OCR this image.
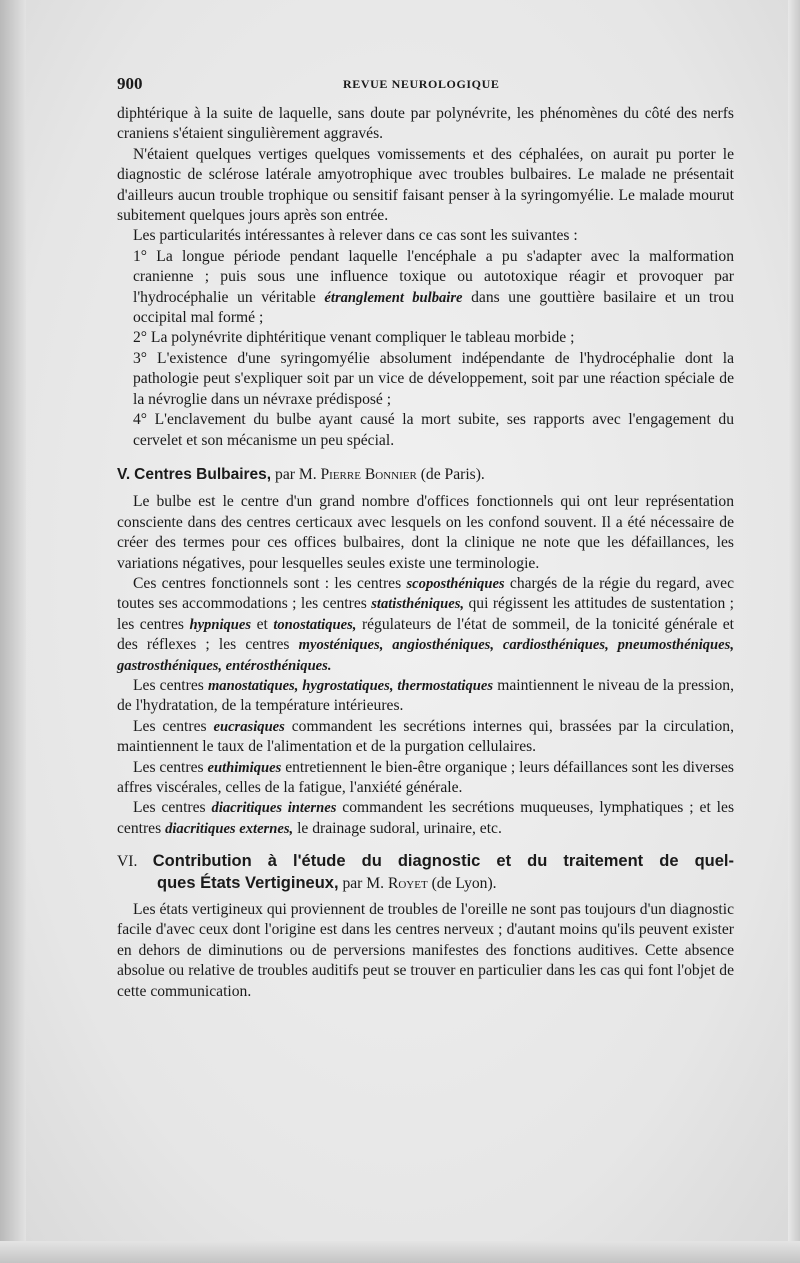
900	REVUE NEUROLOGIQUE

diphtérique à la suite de laquelle, sans doute par polynévrite, les phénomènes du côté des nerfs craniens s'étaient singulièrement aggravés.

N'étaient quelques vertiges quelques vomissements et des céphalées, on aurait pu porter le diagnostic de sclérose latérale amyotrophique avec troubles bulbaires. Le malade ne présentait d'ailleurs aucun trouble trophique ou sensitif faisant penser à la syringomyélie. Le malade mourut subitement quelques jours après son entrée.

Les particularités intéressantes à relever dans ce cas sont les suivantes :

1° La longue période pendant laquelle l'encéphale a pu s'adapter avec la malformation cranienne ; puis sous une influence toxique ou autotoxique réagir et provoquer par l'hydrocéphalie un véritable étranglement bulbaire dans une gouttière basilaire et un trou occipital mal formé ;

2° La polynévrite diphtéritique venant compliquer le tableau morbide ;

3° L'existence d'une syringomyélie absolument indépendante de l'hydrocéphalie dont la pathologie peut s'expliquer soit par un vice de développement, soit par une réaction spéciale de la névroglie dans un névraxe prédisposé ;

4° L'enclavement du bulbe ayant causé la mort subite, ses rapports avec l'engagement du cervelet et son mécanisme un peu spécial.

V. Centres Bulbaires, par M. Pierre Bonnier (de Paris).

Le bulbe est le centre d'un grand nombre d'offices fonctionnels qui ont leur représentation consciente dans des centres certicaux avec lesquels on les confond souvent. Il a été nécessaire de créer des termes pour ces offices bulbaires, dont la clinique ne note que les défaillances, les variations négatives, pour lesquelles seules existe une terminologie.

Ces centres fonctionnels sont : les centres scoposthéniques chargés de la régie du regard, avec toutes ses accommodations ; les centres statisthéniques, qui régissent les attitudes de sustentation ; les centres hypniques et tonostatiques, régulateurs de l'état de sommeil, de la tonicité générale et des réflexes ; les centres myosténiques, angiosthéniques, cardiosthéniques, pneumosthéniques, gastrosthéniques, entérosthéniques.

Les centres manostatiques, hygrostatiques, thermostatiques maintiennent le niveau de la pression, de l'hydratation, de la température intérieures.

Les centres eucrasiques commandent les secrétions internes qui, brassées par la circulation, maintiennent le taux de l'alimentation et de la purgation cellulaires.

Les centres euthimiques entretiennent le bien-être organique ; leurs défaillances sont les diverses affres viscérales, celles de la fatigue, l'anxiété générale.

Les centres diacritiques internes commandent les secrétions muqueuses, lymphatiques ; et les centres diacritiques externes, le drainage sudoral, urinaire, etc.

VI. Contribution à l'étude du diagnostic et du traitement de quel-
ques États Vertigineux, par M. Royet (de Lyon).

Les états vertigineux qui proviennent de troubles de l'oreille ne sont pas toujours d'un diagnostic facile d'avec ceux dont l'origine est dans les centres nerveux ; d'autant moins qu'ils peuvent exister en dehors de diminutions ou de perversions manifestes des fonctions auditives. Cette absence absolue ou relative de troubles auditifs peut se trouver en particulier dans les cas qui font l'objet de cette communication.
